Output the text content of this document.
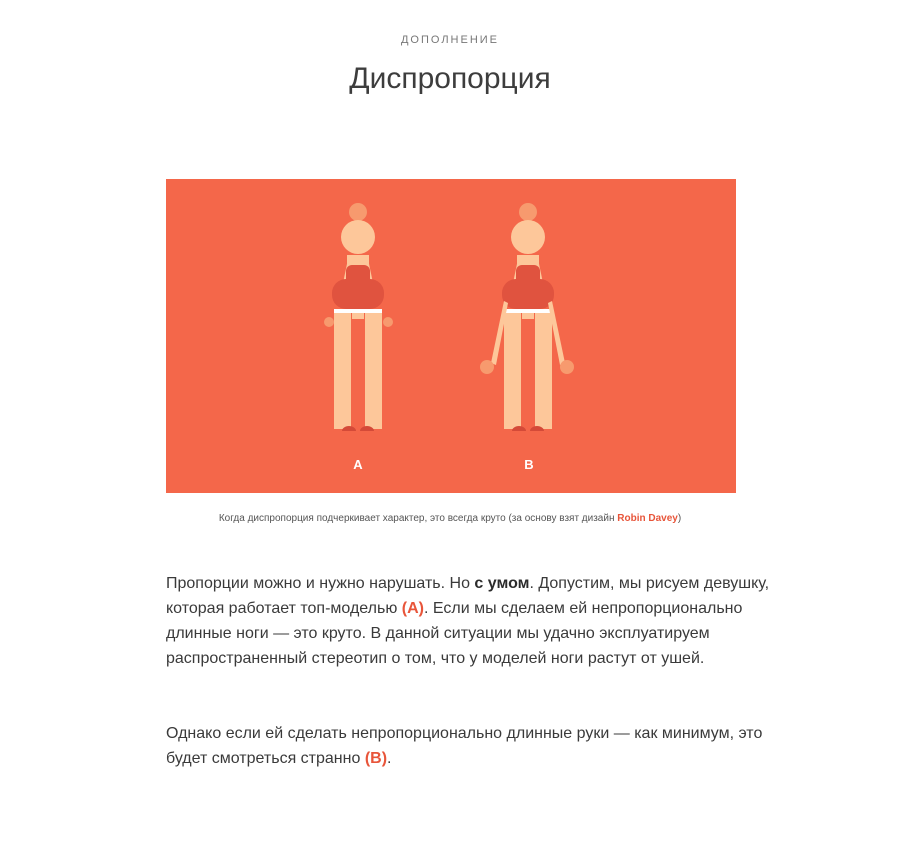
ДОПОЛНЕНИЕ
Диспропорция
A	B
Когда диспропорция подчеркивает характер, это всегда круто (за основу взят дизайн Robin Davey)

Пропорции можно и нужно нарушать. Но с умом. Допустим, мы рисуем девушку, которая работает топ-моделью (A). Если мы сделаем ей непропорционально длинные ноги — это круто. В данной ситуации мы удачно эксплуатируем распространенный стереотип о том, что у моделей ноги растут от ушей.

Однако если ей сделать непропорционально длинные руки — как минимум, это будет смотреться странно (B).
